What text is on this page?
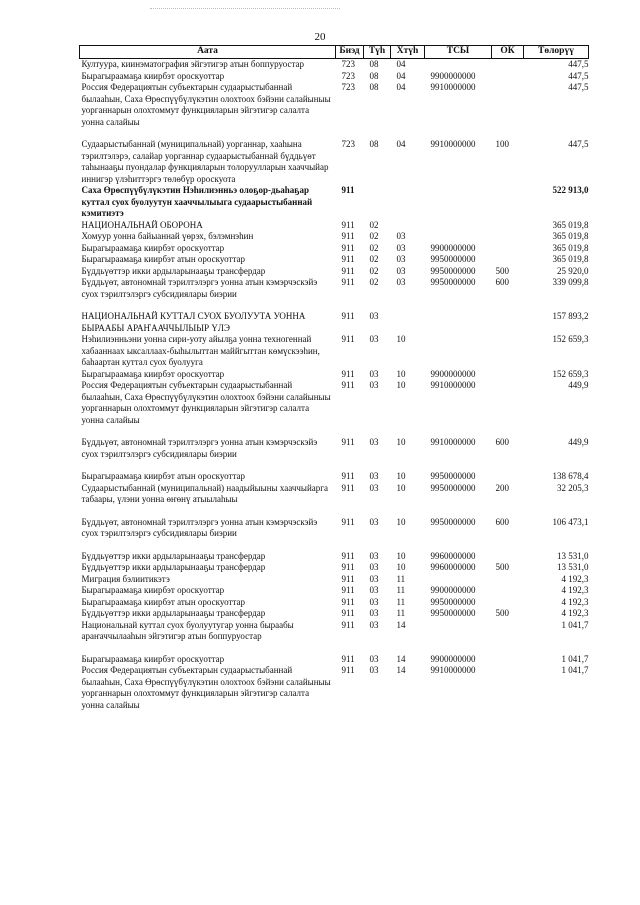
20
Аата	Биэд	Түһ	Хтүһ	ТСЫ	ОК	Төлорүү
Култуура, киинэматография эйгэтигэр атын боппуруостар	723	08	04			447,5
Бырагыраамаҕа киирбэт ороскуоттар	723	08	04	9900000000		447,5
Россия Федерациятын субъектарын судаарыстыбаннай былааһын, Саха Өрөспүүбүлүкэтин олохтоох бэйэни салайыныы уорганнарын олохтоммут функцияларын эйгэтигэр салалта уонна салайыы	723	08	04	9910000000		447,5

Судаарыстыбаннай (муниципальнай) уорганнар, хааһына тэрилтэлэрэ, салайар уорганнар судаарыстыбаннай бүддьүөт таһынааҕы пуондалар функцияларын толоруулларын хааччыйар иннигэр үлэһиттэргэ төлөбүр ороскуота	723	08	04	9910000000	100	447,5
Саха Өрөспүүбүлүкэтин Нэһилиэнньэ олоҕор-дьаһаҕар куттал суох буолуутун хааччылыыга судаарыстыбаннай кэмитиэтэ	911					522 913,0
НАЦИОНАЛЬНАЙ ОБОРОНА	911	02				365 019,8
Хомуур уонна байыаннай үөрэх, бэлэмнэһин	911	02	03			365 019,8
Бырагыраамаҕа киирбэт ороскуоттар	911	02	03	9900000000		365 019,8
Бырагыраамаҕа киирбэт атын ороскуоттар	911	02	03	9950000000		365 019,8
Бүддьүөттэр икки ардыларынааҕы трансфердар	911	02	03	9950000000	500	25 920,0
Бүддьүөт, автономнай тэрилтэлэргэ уонна атын кэмэрчэскэйэ суох тэрилтэлэргэ субсидиялары биэрии	911	02	03	9950000000	600	339 099,8

НАЦИОНАЛЬНАЙ КУТТАЛ СУОХ БУОЛУУТА УОННА БЫРААБЫ АРАҤААЧЧЫЛЫЫР ҮЛЭ	911	03				157 893,2
Нэһилиэнньэни уонна сири-уоту айылҕа уонна техногеннай хабааннаах ыксаллаах-быһылыттан маййгыттан көмүскээһин, баһаартан куттал суох буолууга	911	03	10			152 659,3
Бырагыраамаҕа киирбэт ороскуоттар	911	03	10	9900000000		152 659,3
Россия Федерациятын субъектарын судаарыстыбаннай былааһын, Саха Өрөспүүбүлүкэтин олохтоох бэйэни салайыныы уорганнарын олохтоммут функцияларын эйгэтигэр салалта уонна салайыы	911	03	10	9910000000		449,9

Бүддьүөт, автономнай тэрилтэлэргэ уонна атын кэмэрчэскэйэ суох тэрилтэлэргэ субсидиялары биэрии	911	03	10	9910000000	600	449,9

Бырагыраамаҕа киирбэт атын ороскуоттар	911	03	10	9950000000		138 678,4
Судаарыстыбаннай (муниципальнай) наадыйыыны хааччыйарга табаары, үлэни уонна өҥөнү атыылаһыы	911	03	10	9950000000	200	32 205,3

Бүддьүөт, автономнай тэрилтэлэргэ уонна атын кэмэрчэскэйэ суох тэрилтэлэргэ субсидиялары биэрии	911	03	10	9950000000	600	106 473,1

Бүддьүөттэр икки ардыларынааҕы трансфердар	911	03	10	9960000000		13 531,0
Бүддьүөттэр икки ардыларынааҕы трансфердар	911	03	10	9960000000	500	13 531,0
Миграция бэлиитикэтэ	911	03	11			4 192,3
Бырагыраамаҕа киирбэт ороскуоттар	911	03	11	9900000000		4 192,3
Бырагыраамаҕа киирбэт атын ороскуоттар	911	03	11	9950000000		4 192,3
Бүддьүөттэр икки ардыларынааҕы трансфердар	911	03	11	9950000000	500	4 192,3
Национальнай куттал суох буолуутугар уонна быраабы араҥаччылааһын эйгэтигэр атын боппуруостар	911	03	14			1 041,7

Бырагыраамаҕа киирбэт ороскуоттар	911	03	14	9900000000		1 041,7
Россия Федерациятын субъектарын судаарыстыбаннай былааһын, Саха Өрөспүүбүлүкэтин олохтоох бэйэни салайыныы уорганнарын олохтоммут функцияларын эйгэтигэр салалта уонна салайыы	911	03	14	9910000000		1 041,7
